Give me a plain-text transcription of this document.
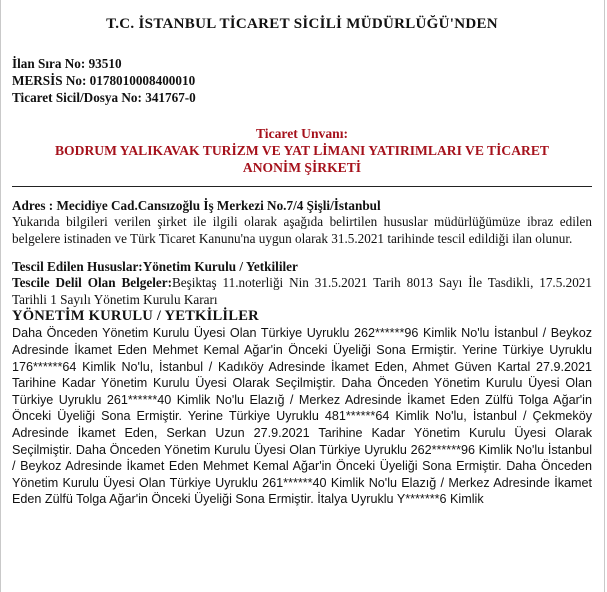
T.C. İSTANBUL TİCARET SİCİLİ MÜDÜRLÜĞÜ'NDEN
İlan Sıra No: 93510
MERSİS No: 0178010008400010
Ticaret Sicil/Dosya No: 341767-0
Ticaret Unvanı:
BODRUM YALIKAVAK TURİZM VE YAT LİMANI YATIRIMLARI VE TİCARET ANONİM ŞİRKETİ
Adres : Mecidiye Cad.Cansızoğlu İş Merkezi No.7/4 Şişli/İstanbul
Yukarıda bilgileri verilen şirket ile ilgili olarak aşağıda belirtilen hususlar müdürlüğümüze ibraz edilen belgelere istinaden ve Türk Ticaret Kanunu'na uygun olarak 31.5.2021 tarihinde tescil edildiği ilan olunur.
Tescil Edilen Hususlar:Yönetim Kurulu / Yetkililer
Tescile Delil Olan Belgeler:Beşiktaş 11.noterliği Nin 31.5.2021 Tarih 8013 Sayı İle Tasdikli, 17.5.2021 Tarihli 1 Sayılı Yönetim Kurulu Kararı
YÖNETİM KURULU / YETKİLİLER
Daha Önceden Yönetim Kurulu Üyesi Olan Türkiye Uyruklu 262******96 Kimlik No'lu İstanbul / Beykoz Adresinde İkamet Eden Mehmet Kemal Ağar'in Önceki Üyeliği Sona Ermiştir. Yerine Türkiye Uyruklu 176******64 Kimlik No'lu, İstanbul / Kadıköy Adresinde İkamet Eden, Ahmet Güven Kartal 27.9.2021 Tarihine Kadar Yönetim Kurulu Üyesi Olarak Seçilmiştir. Daha Önceden Yönetim Kurulu Üyesi Olan Türkiye Uyruklu 261******40 Kimlik No'lu Elazığ / Merkez Adresinde İkamet Eden Zülfü Tolga Ağar'in Önceki Üyeliği Sona Ermiştir. Yerine Türkiye Uyruklu 481******64 Kimlik No'lu, İstanbul / Çekmeköy Adresinde İkamet Eden, Serkan Uzun 27.9.2021 Tarihine Kadar Yönetim Kurulu Üyesi Olarak Seçilmiştir. Daha Önceden Yönetim Kurulu Üyesi Olan Türkiye Uyruklu 262******96 Kimlik No'lu İstanbul / Beykoz Adresinde İkamet Eden Mehmet Kemal Ağar'in Önceki Üyeliği Sona Ermiştir. Daha Önceden Yönetim Kurulu Üyesi Olan Türkiye Uyruklu 261******40 Kimlik No'lu Elazığ / Merkez Adresinde İkamet Eden Zülfü Tolga Ağar'in Önceki Üyeliği Sona Ermiştir. İtalya Uyruklu Y*******6 Kimlik
